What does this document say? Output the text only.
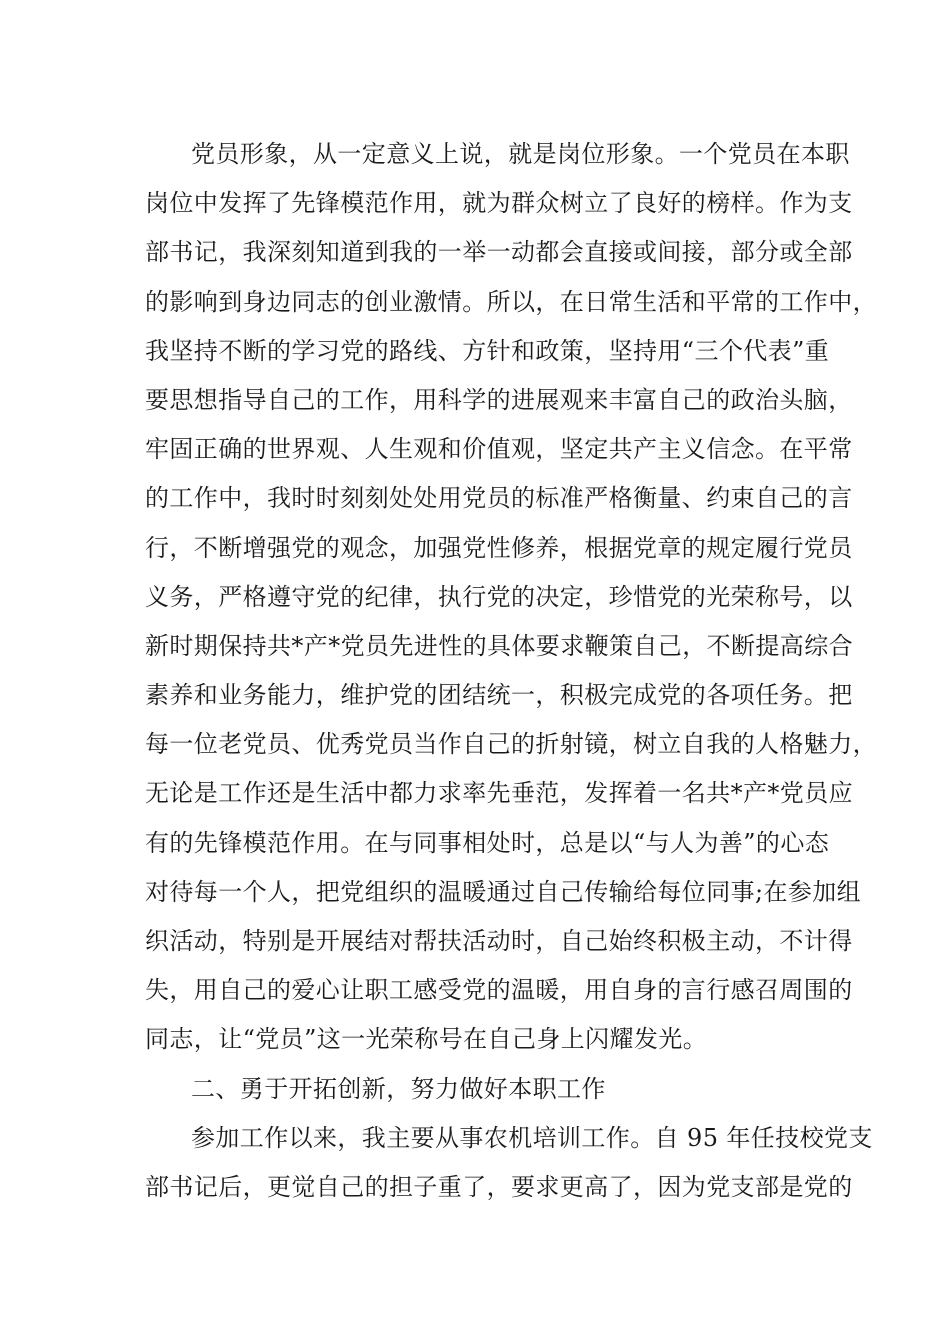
党员形象，从一定意义上说，就是岗位形象。一个党员在本职
岗位中发挥了先锋模范作用，就为群众树立了良好的榜样。作为支
部书记，我深刻知道到我的一举一动都会直接或间接，部分或全部
的影响到身边同志的创业激情。所以，在日常生活和平常的工作中，
我坚持不断的学习党的路线、方针和政策，坚持用“三个代表”重
要思想指导自己的工作，用科学的进展观来丰富自己的政治头脑，
牢固正确的世界观、人生观和价值观，坚定共产主义信念。在平常
的工作中，我时时刻刻处处用党员的标准严格衡量、约束自己的言
行，不断增强党的观念，加强党性修养，根据党章的规定履行党员
义务，严格遵守党的纪律，执行党的决定，珍惜党的光荣称号，以
新时期保持共*产*党员先进性的具体要求鞭策自己，不断提高综合
素养和业务能力，维护党的团结统一，积极完成党的各项任务。把
每一位老党员、优秀党员当作自己的折射镜，树立自我的人格魅力，
无论是工作还是生活中都力求率先垂范，发挥着一名共*产*党员应
有的先锋模范作用。在与同事相处时，总是以“与人为善”的心态
对待每一个人，把党组织的温暖通过自己传输给每位同事;在参加组
织活动，特别是开展结对帮扶活动时，自己始终积极主动，不计得
失，用自己的爱心让职工感受党的温暖，用自身的言行感召周围的
同志，让“党员”这一光荣称号在自己身上闪耀发光。
二、勇于开拓创新，努力做好本职工作
参加工作以来，我主要从事农机培训工作。自 95 年任技校党支
部书记后，更觉自己的担子重了，要求更高了，因为党支部是党的
